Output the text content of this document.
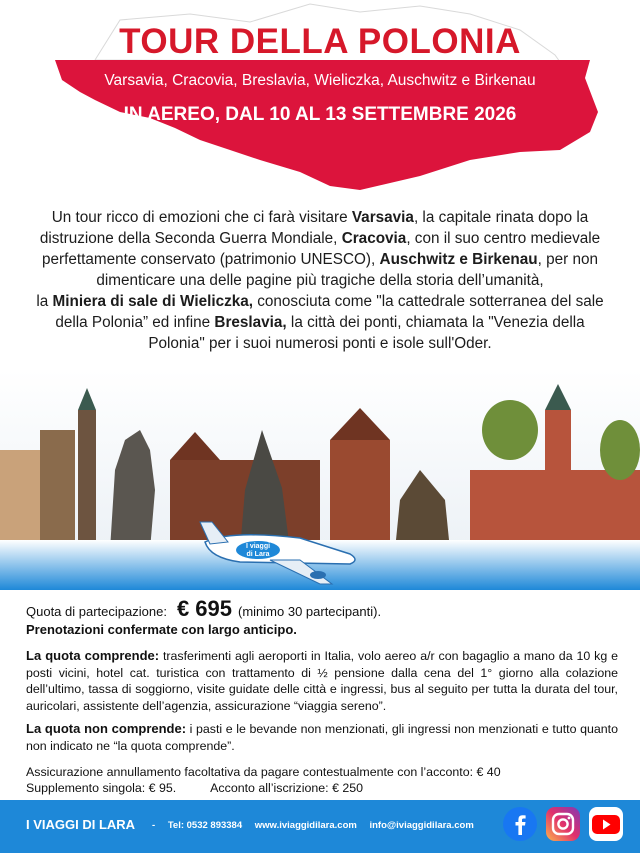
TOUR DELLA POLONIA
Varsavia, Cracovia, Breslavia, Wieliczka, Auschwitz e Birkenau
IN AEREO, DAL 10 AL 13 SETTEMBRE 2026
Un tour ricco di emozioni che ci farà visitare Varsavia, la capitale rinata dopo la distruzione della Seconda Guerra Mondiale, Cracovia, con il suo centro medievale perfettamente conservato (patrimonio UNESCO), Auschwitz e Birkenau, per non dimenticare una delle pagine più tragiche della storia dell’umanità,
la Miniera di sale di Wieliczka, conosciuta come "la cattedrale sotterranea del sale della Polonia” ed infine Breslavia, la città dei ponti, chiamata la "Venezia della Polonia" per i suoi numerosi ponti e isole sull'Oder.
I viaggi
di Lara
Quota di partecipazione: € 695 (minimo 30 partecipanti).
Prenotazioni confermate con largo anticipo.
La quota comprende: trasferimenti agli aeroporti in Italia, volo aereo a/r con bagaglio a mano da 10 kg e posti vicini, hotel cat. turistica con trattamento di ½ pensione dalla cena del 1° giorno alla colazione dell’ultimo, tassa di soggiorno, visite guidate delle città e ingressi, bus al seguito per tutta la durata del tour, auricolari, assistente dell’agenzia, assicurazione “viaggia sereno”.
La quota non comprende: i pasti e le bevande non menzionati, gli ingressi non menzionati e tutto quanto non indicato ne “la quota comprende”.
Assicurazione annullamento facoltativa da pagare contestualmente con l’acconto: € 40
Supplemento singola: € 95.	Acconto all’iscrizione: € 250
I VIAGGI DI LARA - Tel: 0532 893384 www.iviaggidilara.com info@iviaggidilara.com
